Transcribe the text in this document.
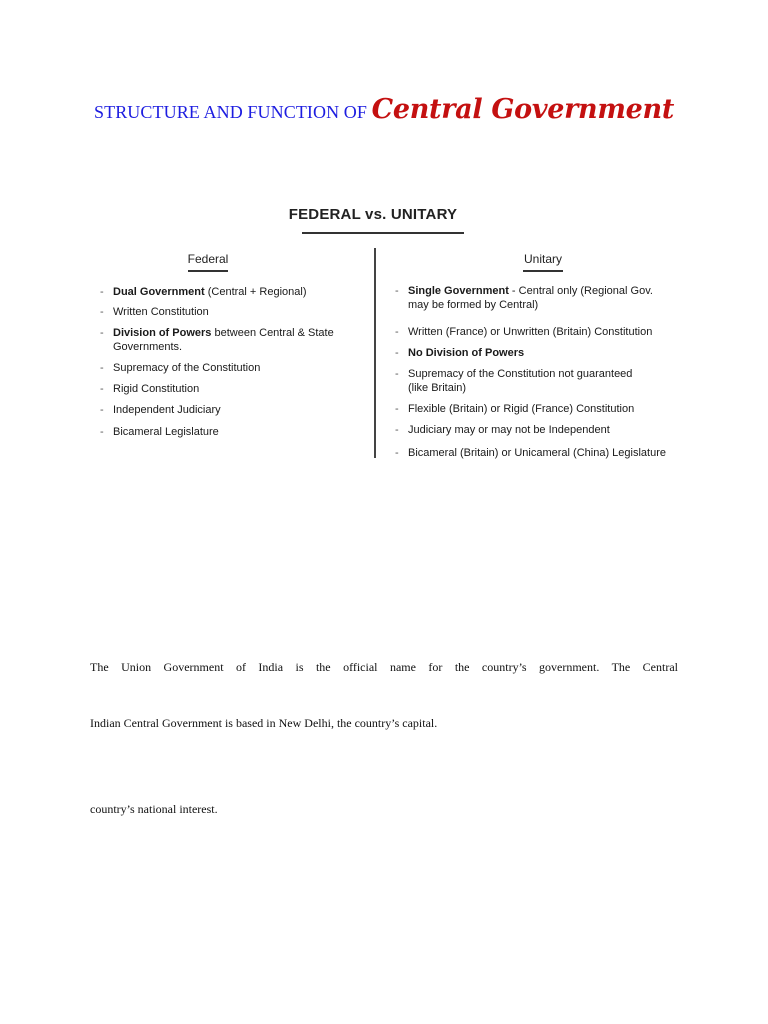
STRUCTURE AND FUNCTION OF Central Government
FEDERAL vs. UNITARY
Federal	Unitary
- Dual Government (Central + Regional)
- Written Constitution
- Division of Powers between Central & State
Governments.
- Supremacy of the Constitution
- Rigid Constitution
- Independent Judiciary
- Bicameral Legislature
- Single Government - Central only (Regional Gov.
may be formed by Central)
- Written (France) or Unwritten (Britain) Constitution
- No Division of Powers
- Supremacy of the Constitution not guaranteed
(like Britain)
- Flexible (Britain) or Rigid (France) Constitution
- Judiciary may or may not be Independent
- Bicameral (Britain) or Unicameral (China) Legislature
The Union Government of India is the official name for the country’s government. The Central
Indian Central Government is based in New Delhi, the country’s capital.
country’s national interest.
